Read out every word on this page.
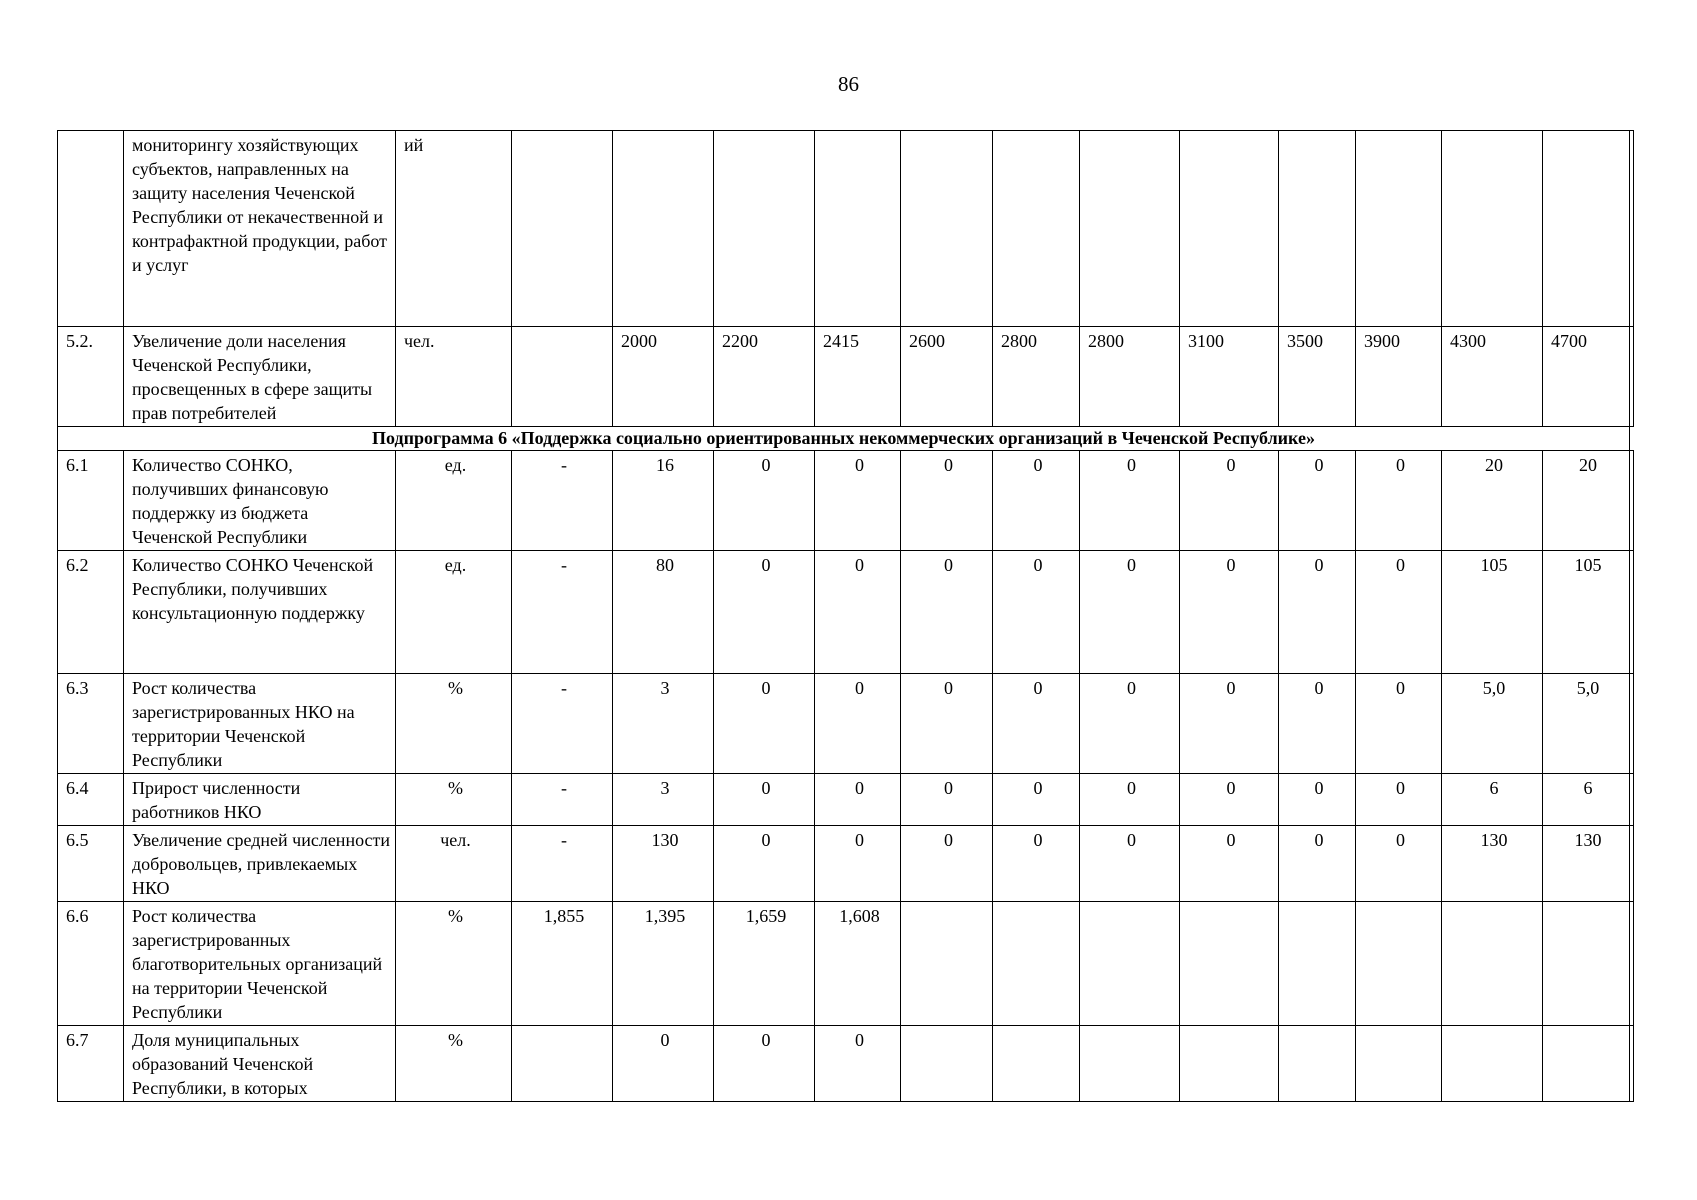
86
	мониторингу хозяйствующих субъектов, направленных на защиту населения Чеченской Республики от некачественной и контрафактной продукции, работ и услуг	ий													
5.2.	Увеличение доли населения Чеченской Республики, просвещенных в сфере защиты прав потребителей	чел.		2000	2200	2415	2600	2800	2800	3100	3500	3900	4300	4700	
Подпрограмма 6 «Поддержка социально ориентированных некоммерческих организаций в Чеченской Республике»															
6.1	Количество СОНКО, получивших финансовую поддержку из бюджета Чеченской Республики	ед.	-	16	0	0	0	0	0	0	0	0	20	20	
6.2	Количество СОНКО Чеченской Республики, получивших консультационную поддержку	ед.	-	80	0	0	0	0	0	0	0	0	105	105	
6.3	Рост количества зарегистрированных НКО на территории Чеченской Республики	%	-	3	0	0	0	0	0	0	0	0	5,0	5,0	
6.4	Прирост численности работников НКО	%	-	3	0	0	0	0	0	0	0	0	6	6	
6.5	Увеличение средней численности добровольцев, привлекаемых НКО	чел.	-	130	0	0	0	0	0	0	0	0	130	130	
6.6	Рост количества зарегистрированных благотворительных организаций на территории Чеченской Республики	%	1,855	1,395	1,659	1,608									
6.7	Доля муниципальных образований Чеченской Республики, в которых	%		0	0	0									
